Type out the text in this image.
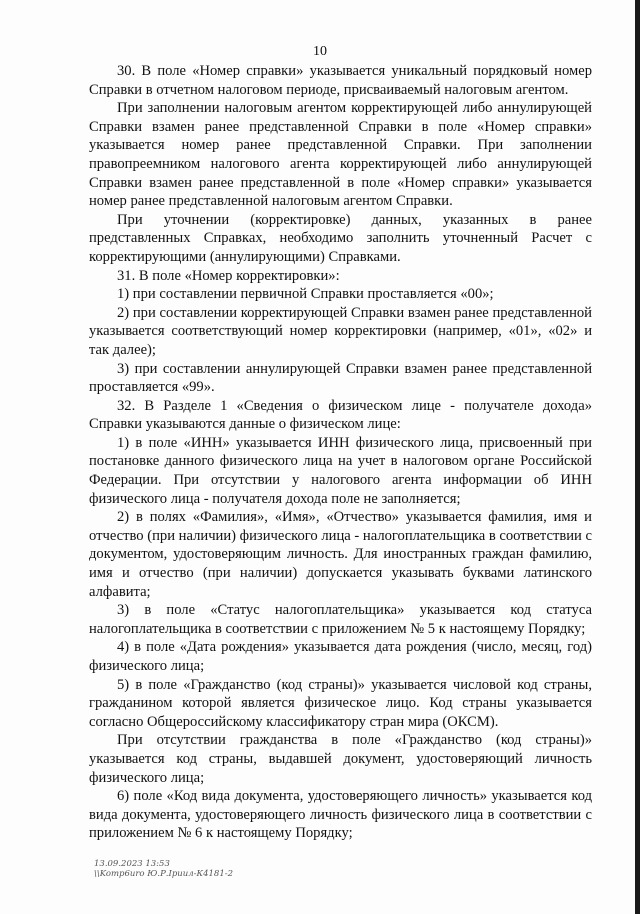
10

30. В поле «Номер справки» указывается уникальный порядковый номер Справки в отчетном налоговом периоде, присваиваемый налоговым агентом.

При заполнении налоговым агентом корректирующей либо аннулирующей Справки взамен ранее представленной Справки в поле «Номер справки» указывается номер ранее представленной Справки. При заполнении правопреемником налогового агента корректирующей либо аннулирующей Справки взамен ранее представленной в поле «Номер справки» указывается номер ранее представленной налоговым агентом Справки.

При уточнении (корректировке) данных, указанных в ранее представленных Справках, необходимо заполнить уточненный Расчет с корректирующими (аннулирующими) Справками.

31. В поле «Номер корректировки»:

1) при составлении первичной Справки проставляется «00»;

2) при составлении корректирующей Справки взамен ранее представленной указывается соответствующий номер корректировки (например, «01», «02» и так далее);

3) при составлении аннулирующей Справки взамен ранее представленной проставляется «99».

32. В Разделе 1 «Сведения о физическом лице - получателе дохода» Справки указываются данные о физическом лице:

1) в поле «ИНН» указывается ИНН физического лица, присвоенный при постановке данного физического лица на учет в налоговом органе Российской Федерации. При отсутствии у налогового агента информации об ИНН физического лица - получателя дохода поле не заполняется;

2) в полях «Фамилия», «Имя», «Отчество» указывается фамилия, имя и отчество (при наличии) физического лица - налогоплательщика в соответствии с документом, удостоверяющим личность. Для иностранных граждан фамилию, имя и отчество (при наличии) допускается указывать буквами латинского алфавита;

3) в поле «Статус налогоплательщика» указывается код статуса налогоплательщика в соответствии с приложением № 5 к настоящему Порядку;

4) в поле «Дата рождения» указывается дата рождения (число, месяц, год) физического лица;

5) в поле «Гражданство (код страны)» указывается числовой код страны, гражданином которой является физическое лицо. Код страны указывается согласно Общероссийскому классификатору стран мира (ОКСМ).

При отсутствии гражданства в поле «Гражданство (код страны)» указывается код страны, выдавшей документ, удостоверяющий личность физического лица;

6) поле «Код вида документа, удостоверяющего личность» указывается код вида документа, удостоверяющего личность физического лица в соответствии с приложением № 6 к настоящему Порядку;

13.09.2023 13:53
\\Komp6uro Ю.Р.Ірuuл-К4181-2
